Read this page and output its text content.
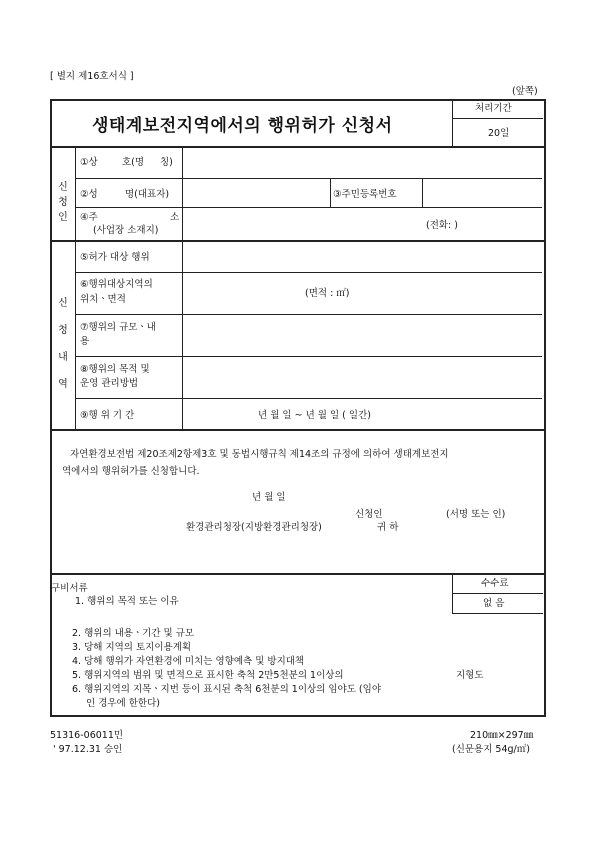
[ 별지 제16호서식 ]
(앞쪽)
생태계보전지역에서의 행위허가 신청서
처리기간
20일
신
청
인
①상	호(명 칭)
②성	명(대표자)	③주민등록번호
④주	소
(사업장 소재지)	(전화: )
신
청
내
역
⑤허가 대상 행위
⑥행위대상지역의
위치ㆍ면적
(면적 : ㎡)
⑦행위의 규모ㆍ내
용
⑧행위의 목적 및
운영 관리방법
⑨행 위 기 간	년 월 일 ~ 년 월 일 ( 일간)
자연환경보전법 제20조제2항제3호 및 동법시행규칙 제14조의 규정에 의하여 생태계보전지
역에서의 행위허가를 신청합니다.
년 월 일
신청인	(서명 또는 인)
환경관리청장(지방환경관리청장)	귀 하
구비서류	수수료
없 음
1. 행위의 목적 또는 이유
2. 행위의 내용ㆍ기간 및 규모
3. 당해 지역의 토지이용계획
4. 당해 행위가 자연환경에 미치는 영향예측 및 방지대책
5. 행위지역의 범위 및 면적으로 표시한 축척 2만5천분의 1이상의	지형도
6. 행위지역의 지목ㆍ지번 등이 표시된 축척 6천분의 1이상의 임야도 (임야
인 경우에 한한다)
51316-06011민
' 97.12.31 승인
210㎜×297㎜
(신문용지 54g/㎡)
